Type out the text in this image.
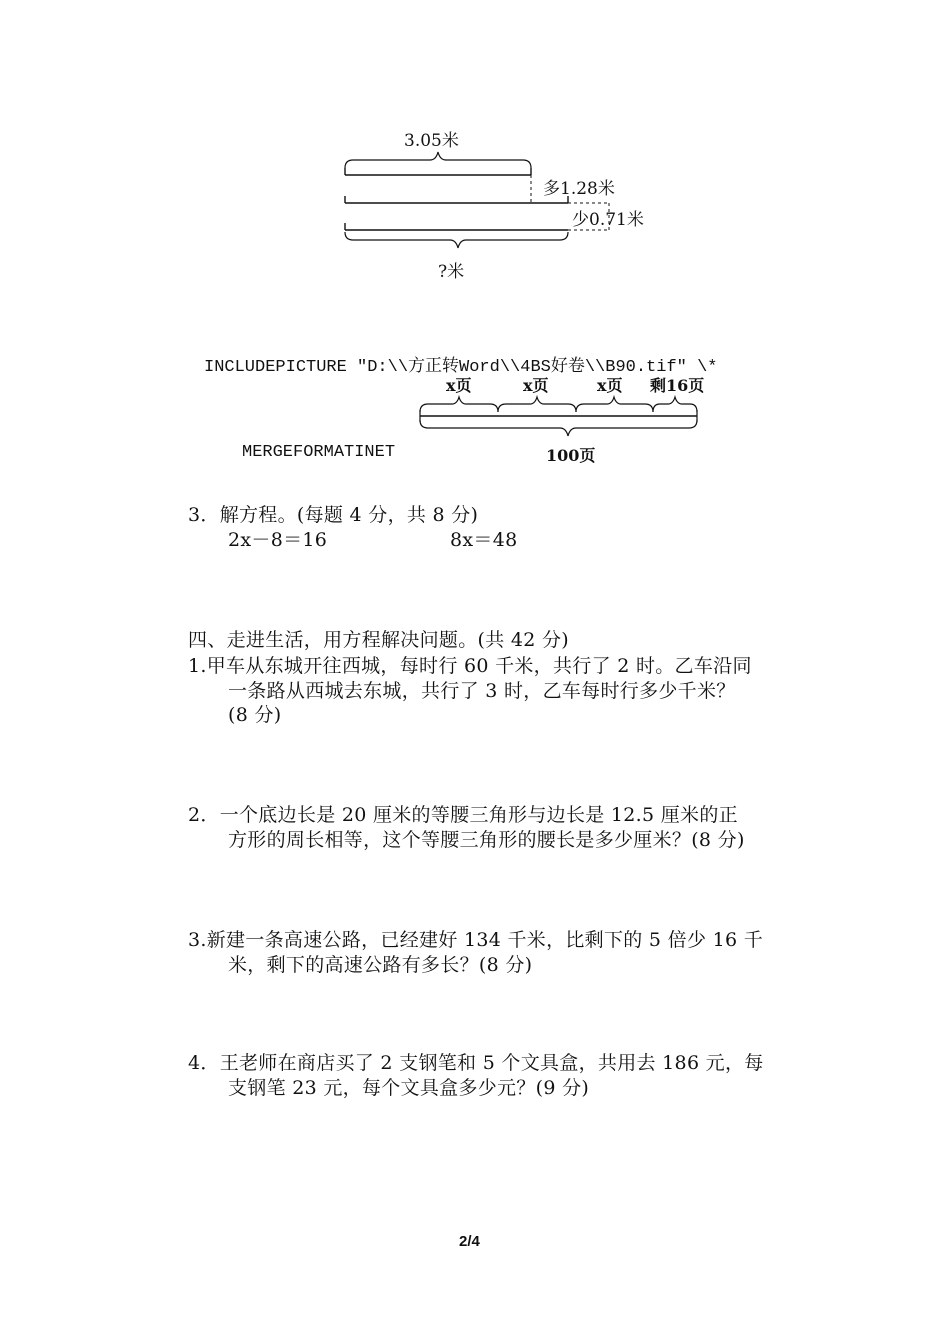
3.05米
多1.28米
少0.71米
?米
INCLUDEPICTURE "D:\\方正转Word\\4BS好卷\\B90.tif" \*
x页	x页	x页 剩16页
MERGEFORMATINET	100页
3．解方程。(每题 4 分，共 8 分)
2x－8＝16	8x＝48
四、走进生活，用方程解决问题。(共 42 分)
1.甲车从东城开往西城，每时行 60 千米，共行了 2 时。乙车沿同
一条路从西城去东城，共行了 3 时，乙车每时行多少千米？
(8 分)
2．一个底边长是 20 厘米的等腰三角形与边长是 12.5 厘米的正
方形的周长相等，这个等腰三角形的腰长是多少厘米？(8 分)
3.新建一条高速公路，已经建好 134 千米，比剩下的 5 倍少 16 千
米，剩下的高速公路有多长？(8 分)
4．王老师在商店买了 2 支钢笔和 5 个文具盒，共用去 186 元，每
支钢笔 23 元，每个文具盒多少元？(9 分)
2/4
